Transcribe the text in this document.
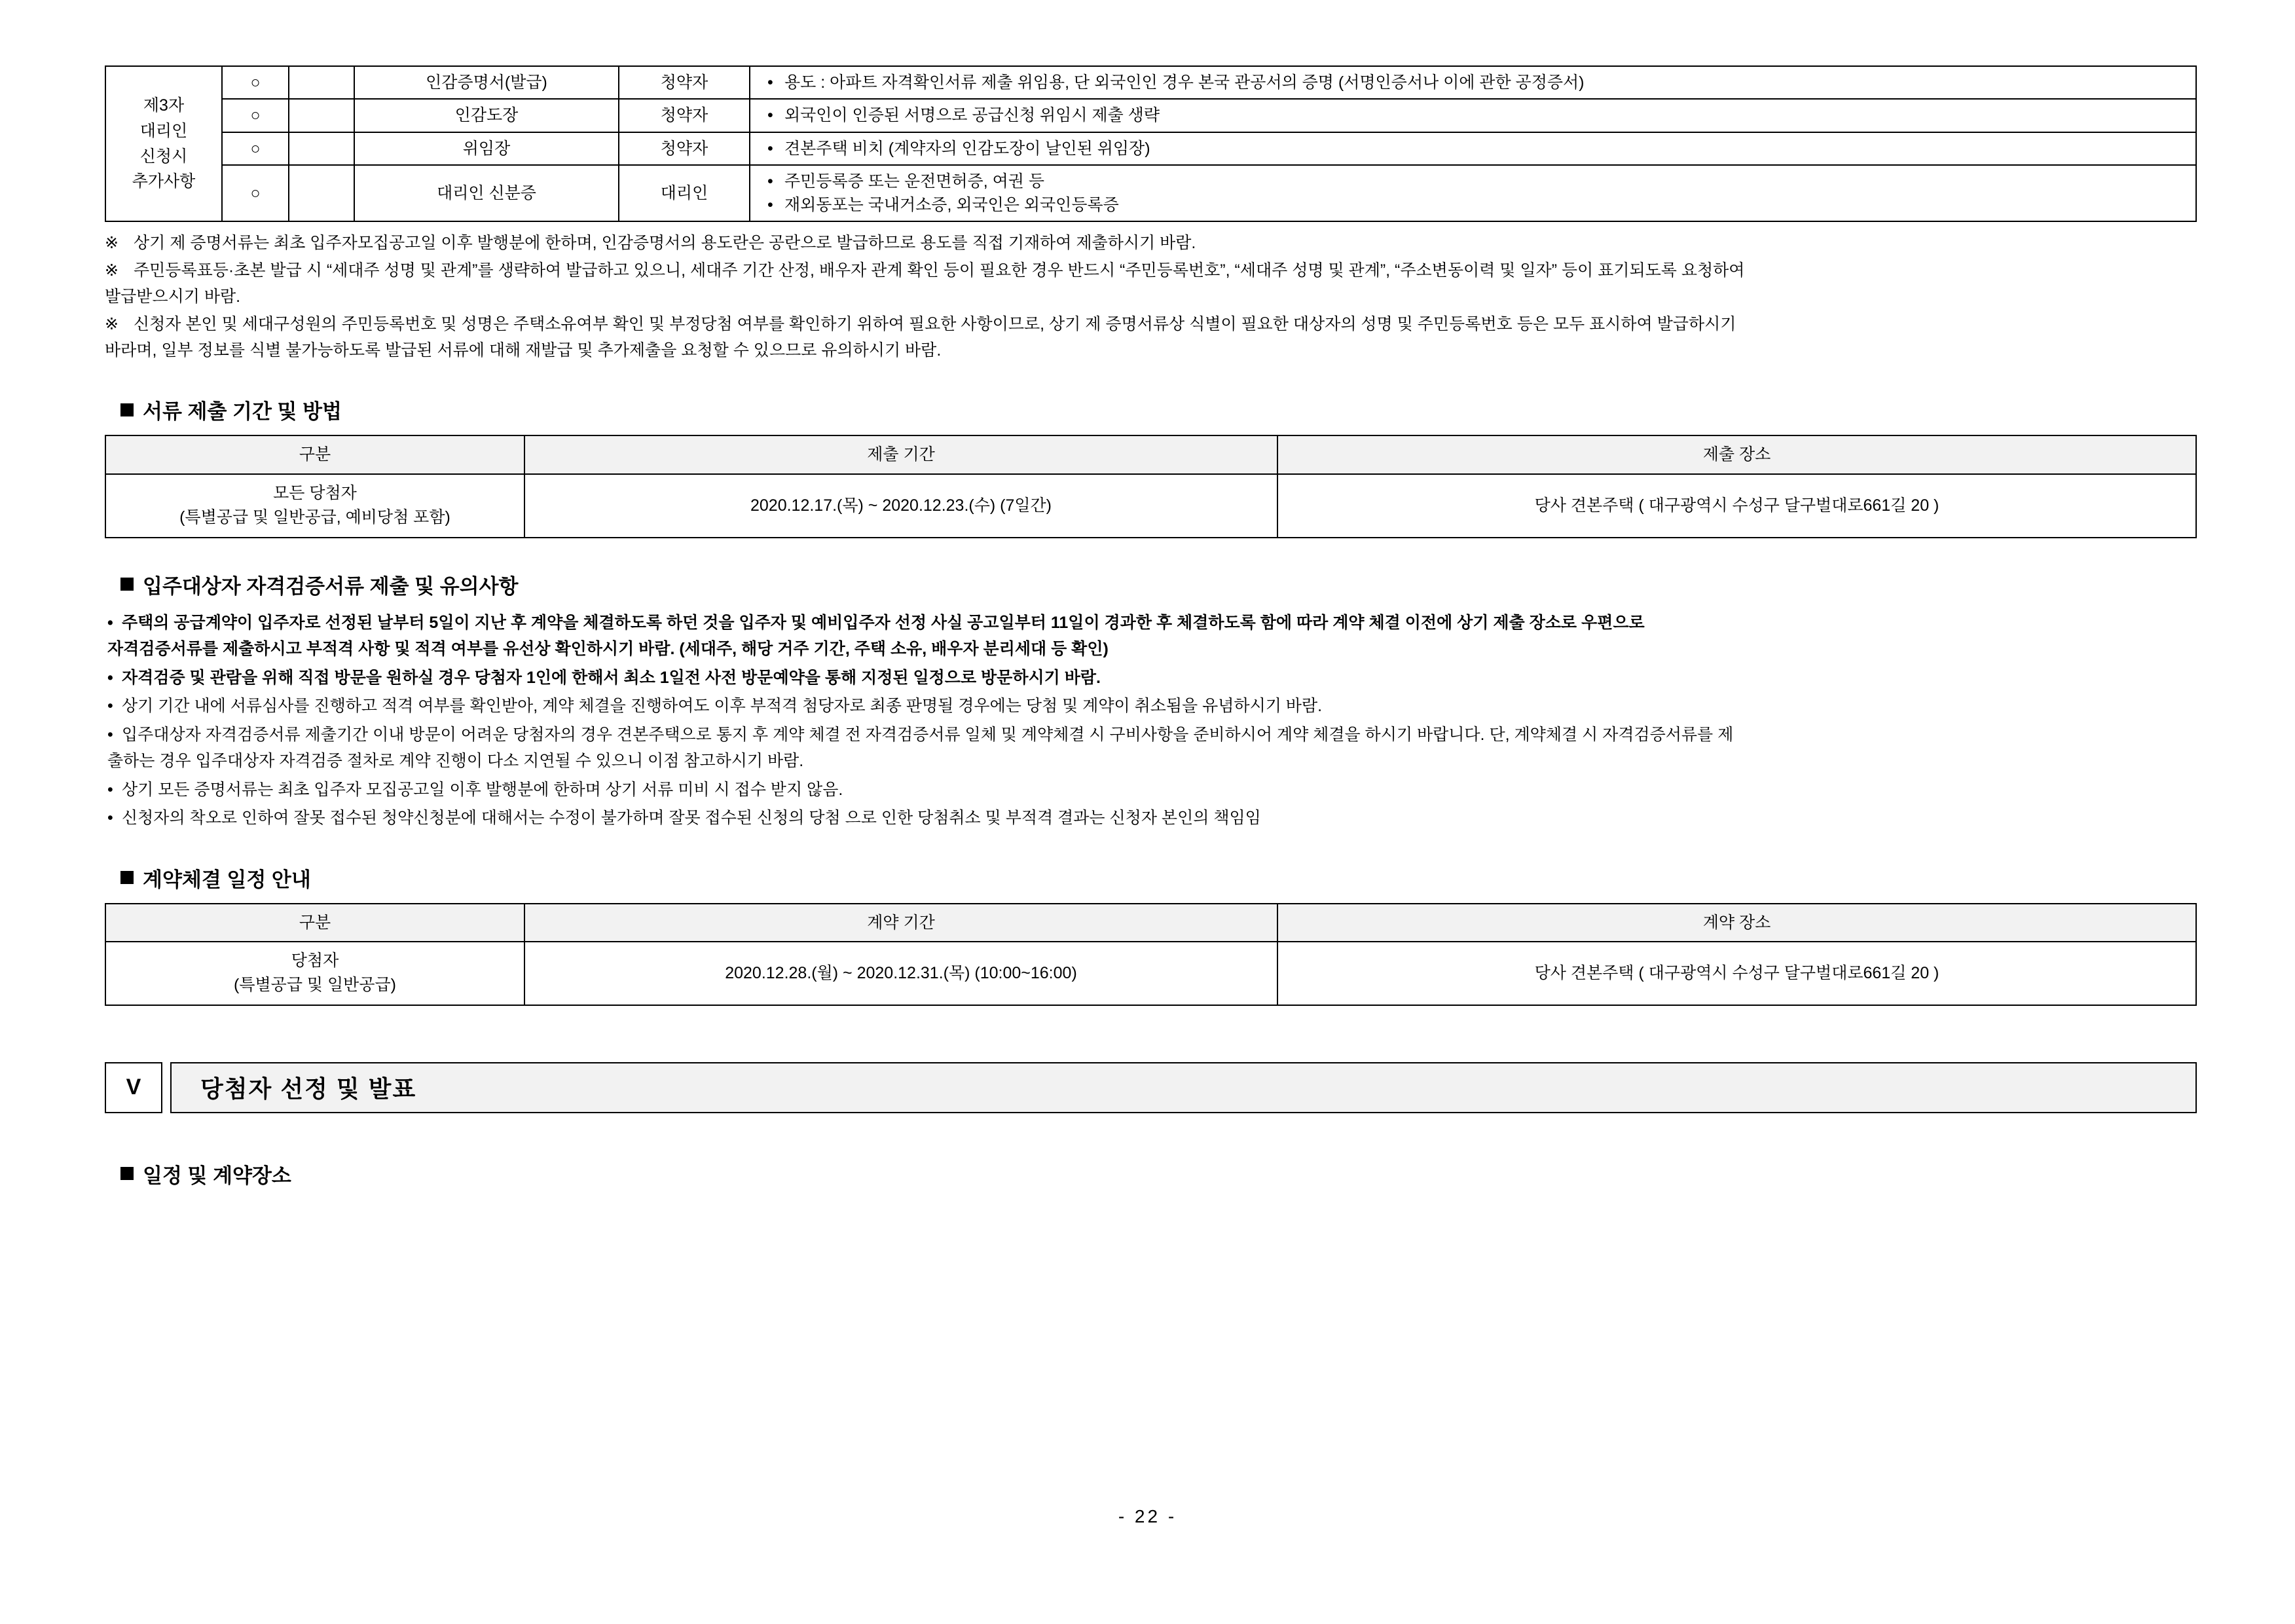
제3자
대리인
신청시
추가사항	○		인감증명서(발급)	청약자	• 용도 : 아파트 자격확인서류 제출 위임용, 단 외국인인 경우 본국 관공서의 증명 (서명인증서나 이에 관한 공정증서)

	○		인감도장	청약자	• 외국인이 인증된 서명으로 공급신청 위임시 제출 생략

	○		위임장	청약자	• 견본주택 비치 (계약자의 인감도장이 날인된 위임장)

	○		대리인 신분증	대리인	• 주민등록증 또는 운전면허증, 여권 등
• 재외동포는 국내거소증, 외국인은 외국인등록증

※ 상기 제 증명서류는 최초 입주자모집공고일 이후 발행분에 한하며, 인감증명서의 용도란은 공란으로 발급하므로 용도를 직접 기재하여 제출하시기 바람.

※ 주민등록표등·초본 발급 시 “세대주 성명 및 관계”를 생략하여 발급하고 있으니, 세대주 기간 산정, 배우자 관계 확인 등이 필요한 경우 반드시 “주민등록번호”, “세대주 성명 및 관계”, “주소변동이력 및 일자” 등이 표기되도록 요청하여
발급받으시기 바람.

※ 신청자 본인 및 세대구성원의 주민등록번호 및 성명은 주택소유여부 확인 및 부정당첨 여부를 확인하기 위하여 필요한 사항이므로, 상기 제 증명서류상 식별이 필요한 대상자의 성명 및 주민등록번호 등은 모두 표시하여 발급하시기
바라며, 일부 정보를 식별 불가능하도록 발급된 서류에 대해 재발급 및 추가제출을 요청할 수 있으므로 유의하시기 바람.

서류 제출 기간 및 방법
구분	제출 기간	제출 장소
모든 당첨자
(특별공급 및 일반공급, 예비당첨 포함)	2020.12.17.(목) ~ 2020.12.23.(수) (7일간)	당사 견본주택 ( 대구광역시 수성구 달구벌대로661길 20 )
입주대상자 자격검증서류 제출 및 유의사항
• 주택의 공급계약이 입주자로 선정된 날부터 5일이 지난 후 계약을 체결하도록 하던 것을 입주자 및 예비입주자 선정 사실 공고일부터 11일이 경과한 후 체결하도록 함에 따라 계약 체결 이전에 상기 제출 장소로 우편으로
자격검증서류를 제출하시고 부적격 사항 및 적격 여부를 유선상 확인하시기 바람. (세대주, 해당 거주 기간, 주택 소유, 배우자 분리세대 등 확인)
• 자격검증 및 관람을 위해 직접 방문을 원하실 경우 당첨자 1인에 한해서 최소 1일전 사전 방문예약을 통해 지정된 일정으로 방문하시기 바람.
• 상기 기간 내에 서류심사를 진행하고 적격 여부를 확인받아, 계약 체결을 진행하여도 이후 부적격 첨당자로 최종 판명될 경우에는 당첨 및 계약이 취소됨을 유념하시기 바람.
• 입주대상자 자격검증서류 제출기간 이내 방문이 어려운 당첨자의 경우 견본주택으로 통지 후 계약 체결 전 자격검증서류 일체 및 계약체결 시 구비사항을 준비하시어 계약 체결을 하시기 바랍니다. 단, 계약체결 시 자격검증서류를 제
출하는 경우 입주대상자 자격검증 절차로 계약 진행이 다소 지연될 수 있으니 이점 참고하시기 바람.
• 상기 모든 증명서류는 최초 입주자 모집공고일 이후 발행분에 한하며 상기 서류 미비 시 접수 받지 않음.
• 신청자의 착오로 인하여 잘못 접수된 청약신청분에 대해서는 수정이 불가하며 잘못 접수된 신청의 당첨 으로 인한 당첨취소 및 부적격 결과는 신청자 본인의 책임임
계약체결 일정 안내
구분	계약 기간	계약 장소
당첨자
(특별공급 및 일반공급)	2020.12.28.(월) ~ 2020.12.31.(목) (10:00~16:00)	당사 견본주택 ( 대구광역시 수성구 달구벌대로661길 20 )
V	당첨자 선정 및 발표
일정 및 계약장소
- 22 -
